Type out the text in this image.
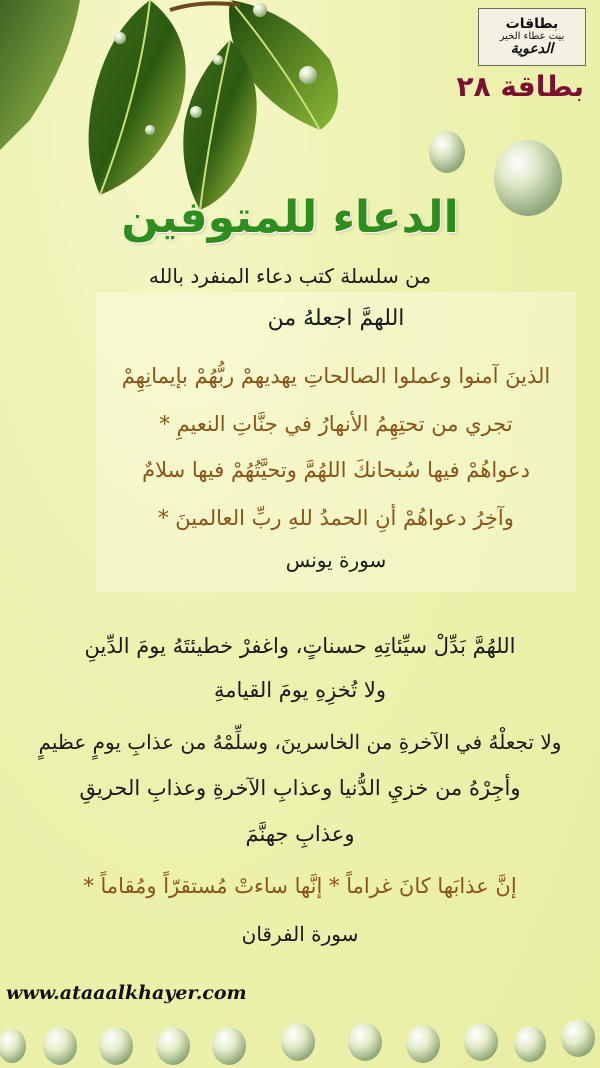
بطاقات
بيت عطاء الخير
الدعوية
بطاقة ٢٨
الدعاء للمتوفين
من سلسلة كتب دعاء المنفرد بالله
اللهمَّ اجعلهُ من
الذينَ آمنوا وعملوا الصالحاتِ يهديهمْ ربُّهُمْ بإيمانِهِمْ
تجري من تحتِهِمُ الأنهارُ في جنَّاتِ النعيمِ *
دعواهُمْ فيها سُبحانكَ اللهُمَّ وتحيَّتُهُمْ فيها سلامٌ
وآخِرُ دعواهُمْ أنِ الحمدُ للهِ ربِّ العالمينَ *
سورة يونس
اللهُمَّ بَدِّلْ سيِّئاتِهِ حسناتٍ، واغفرْ خطيئتَهُ يومَ الدِّينِ
ولا تُخزِهِ يومَ القيامةِ
ولا تجعلْهُ في الآخرةِ من الخاسرينَ، وسلِّمْهُ من عذابِ يومٍ عظيمٍ
وأجِرْهُ من خزيِ الدُّنيا وعذابِ الآخرةِ وعذابِ الحريقِ
وعذابِ جهنَّمَ
إنَّ عذابَها كانَ غراماً * إنَّها ساءتْ مُستقرّاً ومُقاماً *
سورة الفرقان
www.ataaalkhayer.com
